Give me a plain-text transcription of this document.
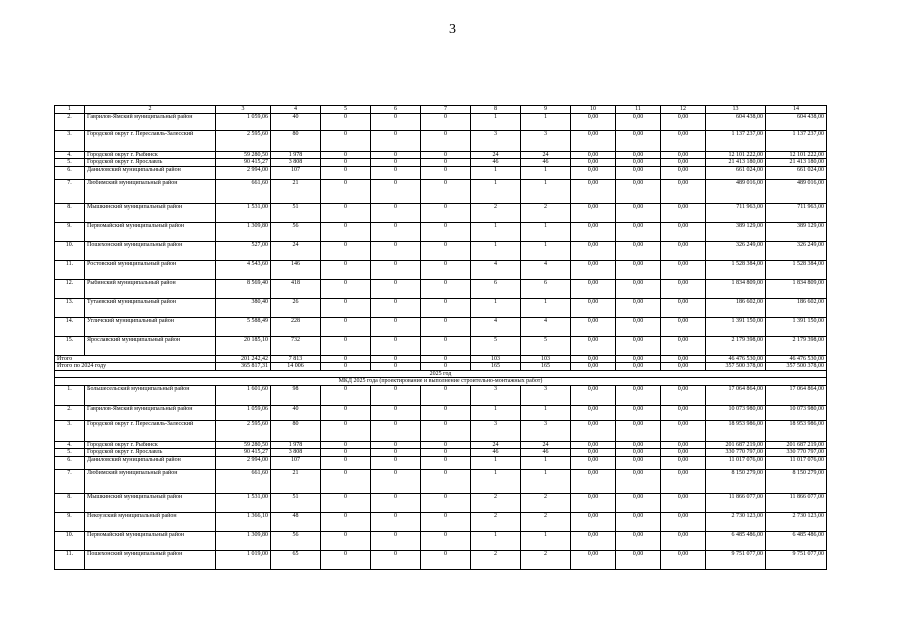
3
1	2	3	4	5	6	7	8	9	10	11	12	13	14
2.	Гаврилов-Ямский муниципальный район	1 059,06	40	0	0	0	1	1	0,00	0,00	0,00	604 438,00	604 438,00
3.	Городской округ г. Переславль-Залесский	2 595,60	80	0	0	0	3	3	0,00	0,00	0,00	1 137 237,00	1 137 237,00
4.	Городской округ г. Рыбинск	59 280,50	1 978	0	0	0	24	24	0,00	0,00	0,00	12 101 222,00	12 101 222,00
5.	Городской округ г. Ярославль	90 415,27	3 808	0	0	0	46	46	0,00	0,00	0,00	21 413 180,00	21 413 180,00
6.	Даниловский муниципальный район	2 994,00	107	0	0	0	1	1	0,00	0,00	0,00	661 024,00	661 024,00
7.	Любимский муниципальный район	661,60	21	0	0	0	1	1	0,00	0,00	0,00	489 016,00	489 016,00
8.	Мышкинский муниципальный район	1 531,00	51	0	0	0	2	2	0,00	0,00	0,00	711 963,00	711 963,00
9.	Первомайский муниципальный район	1 309,80	56	0	0	0	1	1	0,00	0,00	0,00	389 129,00	389 129,00
10.	Пошехонский муниципальный район	527,00	24	0	0	0	1	1	0,00	0,00	0,00	326 249,00	326 249,00
11.	Ростовский муниципальный район	4 543,60	146	0	0	0	4	4	0,00	0,00	0,00	1 528 384,00	1 528 384,00
12.	Рыбинский муниципальный район	8 569,40	418	0	0	0	6	6	0,00	0,00	0,00	1 834 809,00	1 834 809,00
13.	Тутаевский муниципальный район	380,40	26	0	0	0	1	1	0,00	0,00	0,00	186 602,00	186 602,00
14.	Угличский муниципальный район	5 588,49	228	0	0	0	4	4	0,00	0,00	0,00	1 391 150,00	1 391 150,00
15.	Ярославский муниципальный район	20 185,10	732	0	0	0	5	5	0,00	0,00	0,00	2 179 398,00	2 179 398,00
Итого		201 242,42	7 813	0	0	0	103	103	0,00	0,00	0,00	46 476 530,00	46 476 530,00
Итого по 2024 году		365 817,31	14 006	0	0	0	165	165	0,00	0,00	0,00	357 500 378,00	357 500 378,00
2025 год													
МКД 2025 года (проектирование и выполнение строительно-монтажных работ)													
1.	Большесельский муниципальный район	1 601,60	98	0	0	0	3	3	0,00	0,00	0,00	17 064 864,00	17 064 864,00
2.	Гаврилов-Ямский муниципальный район	1 059,06	40	0	0	0	1	1	0,00	0,00	0,00	10 073 980,00	10 073 980,00
3.	Городской округ г. Переславль-Залесский	2 595,60	80	0	0	0	3	3	0,00	0,00	0,00	18 953 986,00	18 953 986,00
4.	Городской округ г. Рыбинск	59 280,50	1 978	0	0	0	24	24	0,00	0,00	0,00	201 687 219,00	201 687 219,00
5.	Городской округ г. Ярославль	90 415,27	3 808	0	0	0	46	46	0,00	0,00	0,00	330 770 797,00	330 770 797,00
6.	Даниловский муниципальный район	2 994,00	107	0	0	0	1	1	0,00	0,00	0,00	11 017 076,00	11 017 076,00
7.	Любимский муниципальный район	661,60	21	0	0	0	1	1	0,00	0,00	0,00	8 150 279,00	8 150 279,00
8.	Мышкинский муниципальный район	1 531,00	51	0	0	0	2	2	0,00	0,00	0,00	11 866 077,00	11 866 077,00
9.	Некоузский муниципальный район	1 366,10	48	0	0	0	2	2	0,00	0,00	0,00	2 730 123,00	2 730 123,00
10.	Первомайский муниципальный район	1 309,80	56	0	0	0	1	1	0,00	0,00	0,00	6 485 486,00	6 485 486,00
11.	Пошехонский муниципальный район	1 019,00	65	0	0	0	2	2	0,00	0,00	0,00	9 751 077,00	9 751 077,00
